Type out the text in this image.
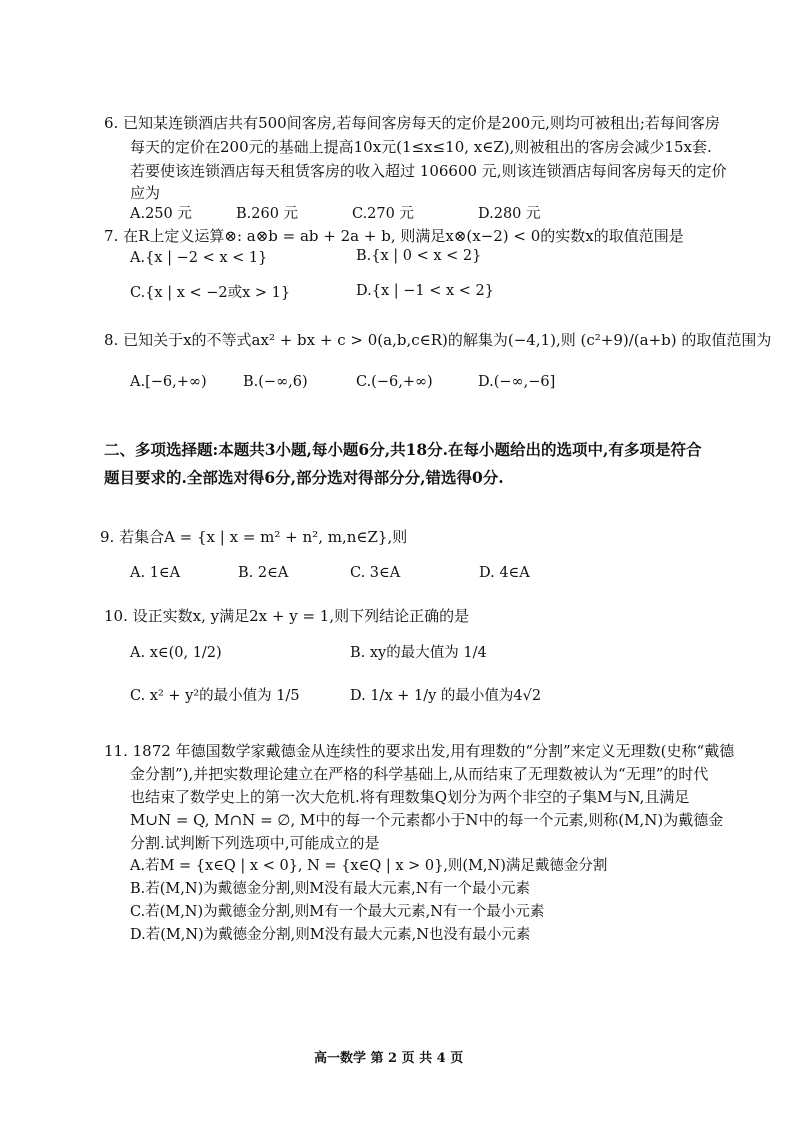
6. 已知某连锁酒店共有500间客房,若每间客房每天的定价是200元,则均可被租出;若每间客房
每天的定价在200元的基础上提高10x元(1≤x≤10, x∈Z),则被租出的客房会减少15x套.
若要使该连锁酒店每天租赁客房的收入超过 106600 元,则该连锁酒店每间客房每天的定价
应为
A.250 元	B.260 元	C.270 元	D.280 元
7. 在R上定义运算⊗: a⊗b = ab + 2a + b, 则满足x⊗(x−2) < 0的实数x的取值范围是
A.{x | −2 < x < 1}	B.{x | 0 < x < 2}
C.{x | x < −2或x > 1}	D.{x | −1 < x < 2}
8. 已知关于x的不等式ax² + bx + c > 0(a,b,c∈R)的解集为(−4,1),则 (c²+9)/(a+b) 的取值范围为
A.[−6,+∞)	B.(−∞,6)	C.(−6,+∞)	D.(−∞,−6]
二、多项选择题:本题共3小题,每小题6分,共18分.在每小题给出的选项中,有多项是符合
题目要求的.全部选对得6分,部分选对得部分分,错选得0分.
9. 若集合A = {x | x = m² + n², m,n∈Z},则
A. 1∈A	B. 2∈A	C. 3∈A	D. 4∈A
10. 设正实数x, y满足2x + y = 1,则下列结论正确的是
A. x∈(0, 1/2)	B. xy的最大值为 1/4
C. x² + y²的最小值为 1/5	D. 1/x + 1/y 的最小值为4√2
11. 1872 年德国数学家戴德金从连续性的要求出发,用有理数的“分割”来定义无理数(史称“戴德
金分割”),并把实数理论建立在严格的科学基础上,从而结束了无理数被认为“无理”的时代
也结束了数学史上的第一次大危机.将有理数集Q划分为两个非空的子集M与N,且满足
M∪N = Q, M∩N = ∅, M中的每一个元素都小于N中的每一个元素,则称(M,N)为戴德金
分割.试判断下列选项中,可能成立的是
A.若M = {x∈Q | x < 0}, N = {x∈Q | x > 0},则(M,N)满足戴德金分割
B.若(M,N)为戴德金分割,则M没有最大元素,N有一个最小元素
C.若(M,N)为戴德金分割,则M有一个最大元素,N有一个最小元素
D.若(M,N)为戴德金分割,则M没有最大元素,N也没有最小元素
高一数学 第 2 页 共 4 页
